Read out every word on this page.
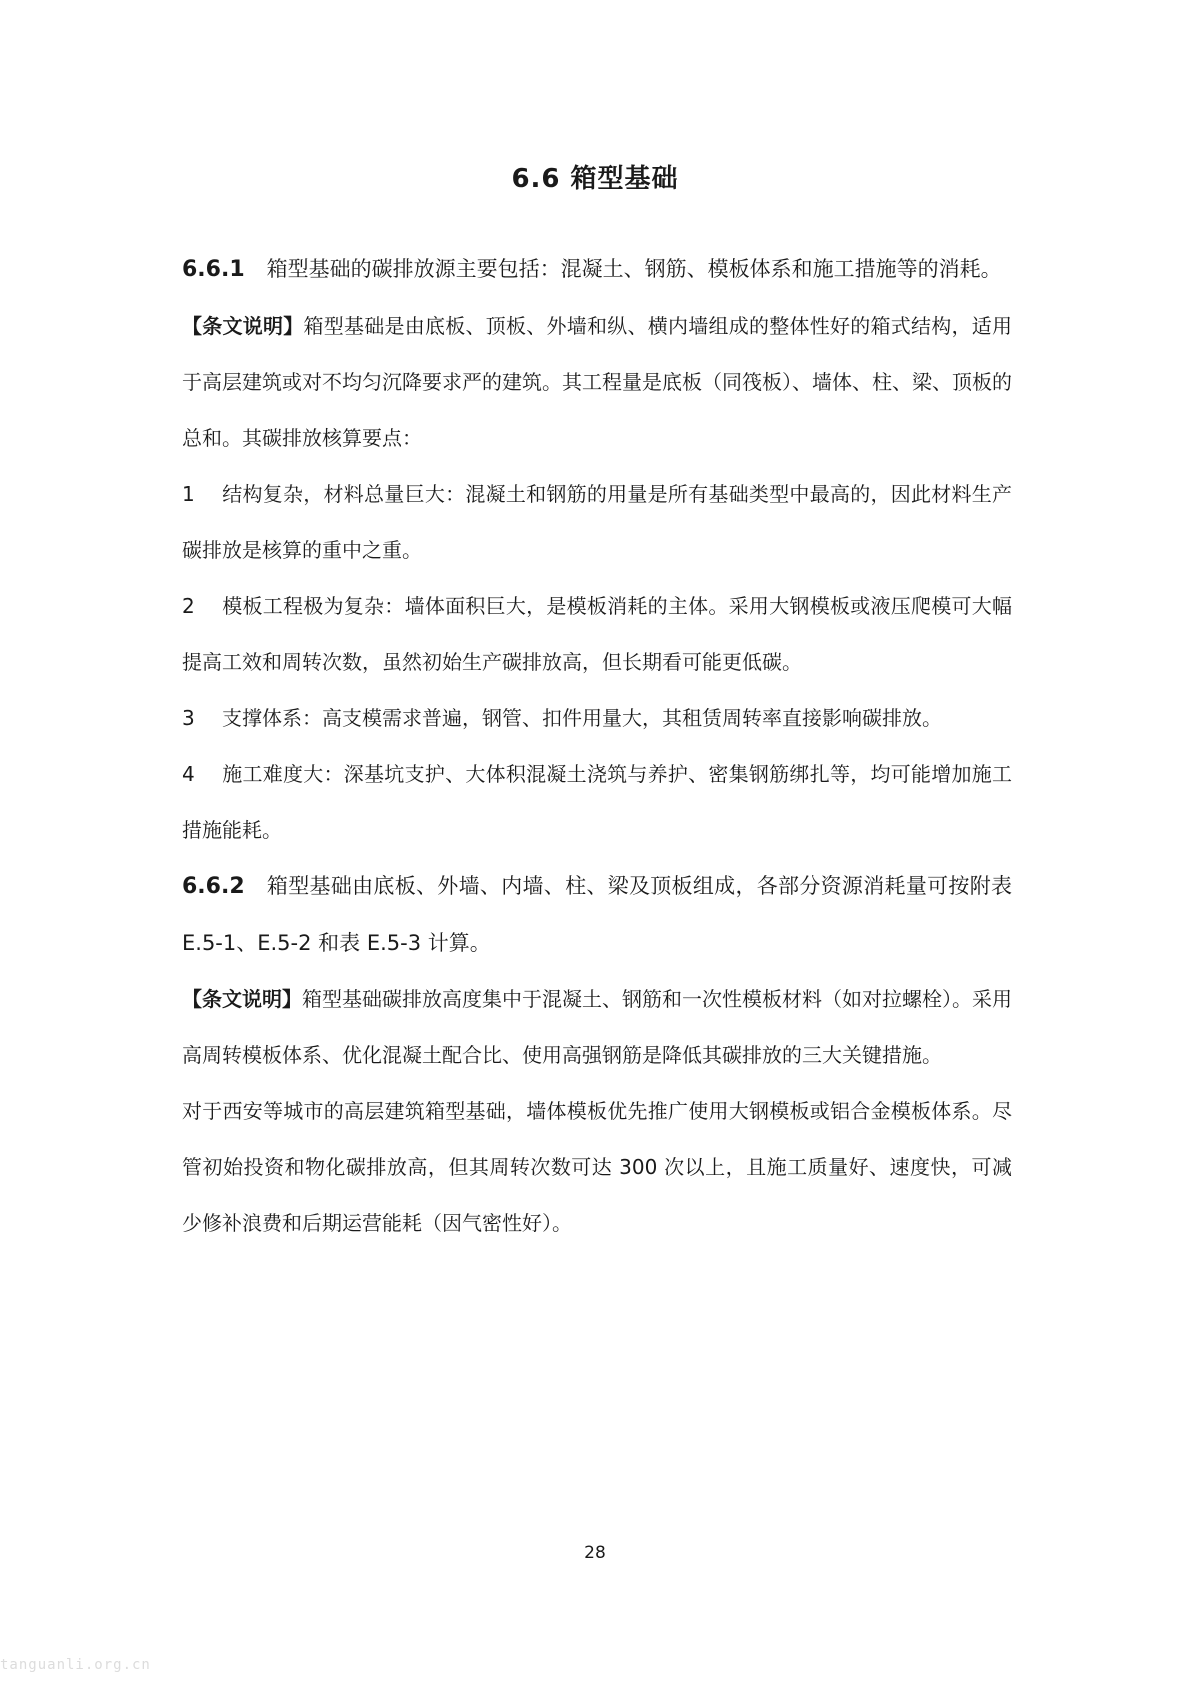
6.6 箱型基础

6.6.1 箱型基础的碳排放源主要包括：混凝土、钢筋、模板体系和施工措施等的消耗。

【条文说明】箱型基础是由底板、顶板、外墙和纵、横内墙组成的整体性好的箱式结构，适用于高层建筑或对不均匀沉降要求严的建筑。其工程量是底板（同筏板）、墙体、柱、梁、顶板的总和。其碳排放核算要点：

1 结构复杂，材料总量巨大：混凝土和钢筋的用量是所有基础类型中最高的，因此材料生产碳排放是核算的重中之重。

2 模板工程极为复杂：墙体面积巨大，是模板消耗的主体。采用大钢模板或液压爬模可大幅提高工效和周转次数，虽然初始生产碳排放高，但长期看可能更低碳。

3 支撑体系：高支模需求普遍，钢管、扣件用量大，其租赁周转率直接影响碳排放。

4 施工难度大：深基坑支护、大体积混凝土浇筑与养护、密集钢筋绑扎等，均可能增加施工措施能耗。

6.6.2 箱型基础由底板、外墙、内墙、柱、梁及顶板组成，各部分资源消耗量可按附表 E.5-1、E.5-2 和表 E.5-3 计算。

【条文说明】箱型基础碳排放高度集中于混凝土、钢筋和一次性模板材料（如对拉螺栓）。采用高周转模板体系、优化混凝土配合比、使用高强钢筋是降低其碳排放的三大关键措施。

对于西安等城市的高层建筑箱型基础，墙体模板优先推广使用大钢模板或铝合金模板体系。尽管初始投资和物化碳排放高，但其周转次数可达 300 次以上，且施工质量好、速度快，可减少修补浪费和后期运营能耗（因气密性好）。

28
tanguanli.org.cn
